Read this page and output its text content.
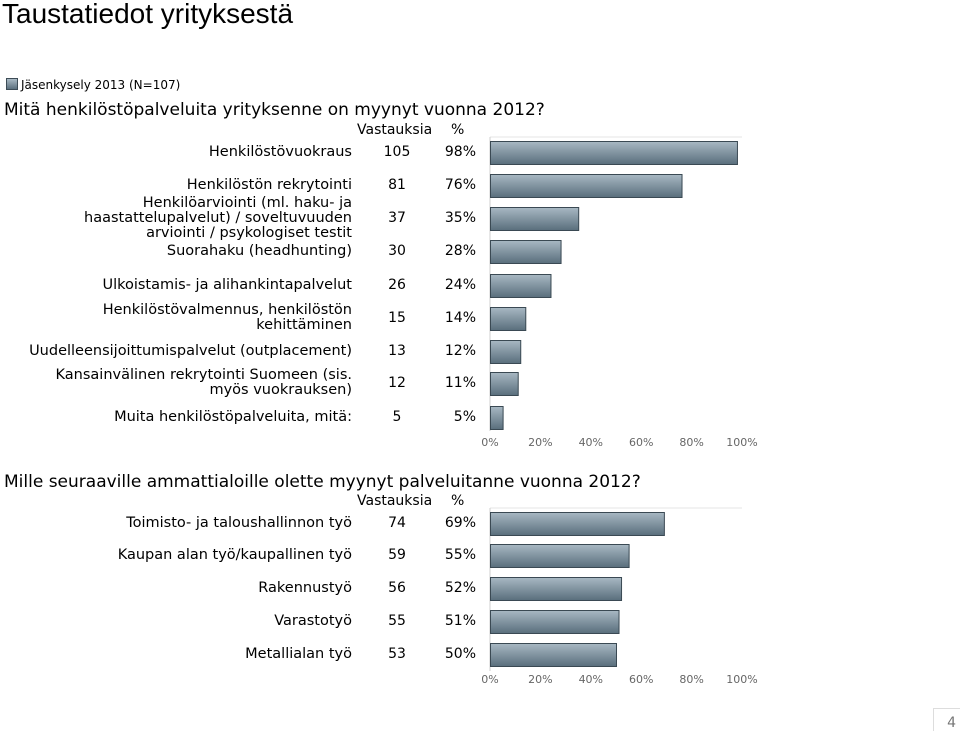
Taustatiedot yrityksestä
Jäsenkysely 2013 (N=107)
Mitä henkilöstöpalveluita yrityksenne on myynyt vuonna 2012?
Vastauksia %
Henkilöstövuokraus	105	98%
Henkilöstön rekrytointi	81	76%
Henkilöarviointi (ml. haku- ja
haastattelupalvelut) / soveltuvuuden
arviointi / psykologiset testit
37	35%
Suorahaku (headhunting)	30	28%
Ulkoistamis- ja alihankintapalvelut	26	24%
Henkilöstövalmennus, henkilöstön
kehittäminen	15	14%
Uudelleensijoittumispalvelut (outplacement)	13	12%
Kansainvälinen rekrytointi Suomeen (sis.
myös vuokrauksen)	12	11%
Muita henkilöstöpalveluita, mitä:	5	5%
Mille seuraaville ammattialoille olette myynyt palveluitanne vuonna 2012?
Vastauksia %
Toimisto- ja taloushallinnon työ	74	69%
Kaupan alan työ/kaupallinen työ	59	55%
Rakennustyö	56	52%
Varastotyö	55	51%
Metallialan työ	53	50%
0%	20% 40% 60% 80% 100%
0%	20% 40% 60% 80% 100%
4
